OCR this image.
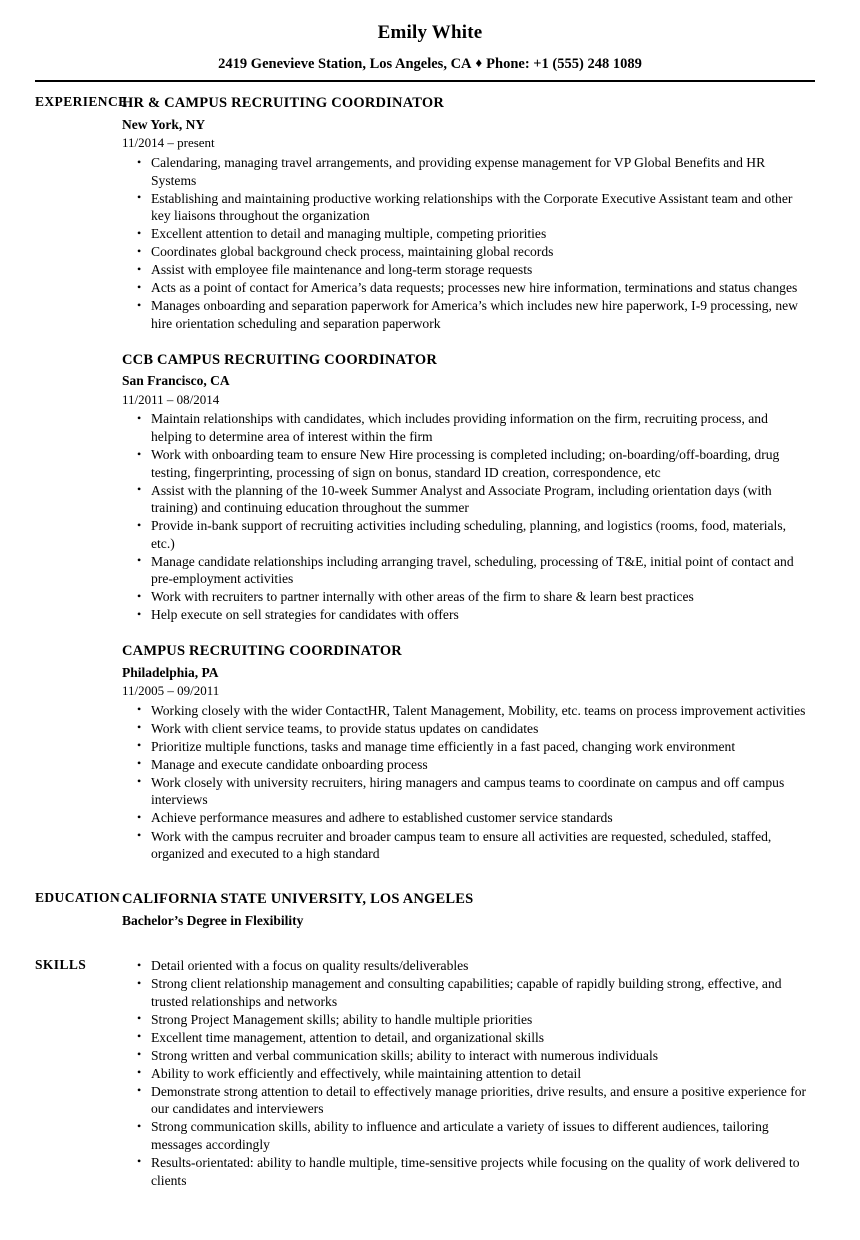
Emily White
2419 Genevieve Station, Los Angeles, CA ♦ Phone: +1 (555) 248 1089
EXPERIENCE
HR & CAMPUS RECRUITING COORDINATOR
New York, NY
11/2014 – present
• Calendaring, managing travel arrangements, and providing expense management for VP Global Benefits and HR Systems
• Establishing and maintaining productive working relationships with the Corporate Executive Assistant team and other key liaisons throughout the organization
• Excellent attention to detail and managing multiple, competing priorities
• Coordinates global background check process, maintaining global records
• Assist with employee file maintenance and long-term storage requests
• Acts as a point of contact for America’s data requests; processes new hire information, terminations and status changes
• Manages onboarding and separation paperwork for America’s which includes new hire paperwork, I-9 processing, new hire orientation scheduling and separation paperwork
CCB CAMPUS RECRUITING COORDINATOR
San Francisco, CA
11/2011 – 08/2014
• Maintain relationships with candidates, which includes providing information on the firm, recruiting process, and helping to determine area of interest within the firm
• Work with onboarding team to ensure New Hire processing is completed including; on-boarding/off-boarding, drug testing, fingerprinting, processing of sign on bonus, standard ID creation, correspondence, etc
• Assist with the planning of the 10-week Summer Analyst and Associate Program, including orientation days (with training) and continuing education throughout the summer
• Provide in-bank support of recruiting activities including scheduling, planning, and logistics (rooms, food, materials, etc.)
• Manage candidate relationships including arranging travel, scheduling, processing of T&E, initial point of contact and pre-employment activities
• Work with recruiters to partner internally with other areas of the firm to share & learn best practices
• Help execute on sell strategies for candidates with offers
CAMPUS RECRUITING COORDINATOR
Philadelphia, PA
11/2005 – 09/2011
• Working closely with the wider ContactHR, Talent Management, Mobility, etc. teams on process improvement activities
• Work with client service teams, to provide status updates on candidates
• Prioritize multiple functions, tasks and manage time efficiently in a fast paced, changing work environment
• Manage and execute candidate onboarding process
• Work closely with university recruiters, hiring managers and campus teams to coordinate on campus and off campus interviews
• Achieve performance measures and adhere to established customer service standards
• Work with the campus recruiter and broader campus team to ensure all activities are requested, scheduled, staffed, organized and executed to a high standard
EDUCATION CALIFORNIA STATE UNIVERSITY, LOS ANGELES
Bachelor’s Degree in Flexibility
SKILLS	• Detail oriented with a focus on quality results/deliverables
• Strong client relationship management and consulting capabilities; capable of rapidly building strong, effective, and trusted relationships and networks
• Strong Project Management skills; ability to handle multiple priorities
• Excellent time management, attention to detail, and organizational skills
• Strong written and verbal communication skills; ability to interact with numerous individuals
• Ability to work efficiently and effectively, while maintaining attention to detail
• Demonstrate strong attention to detail to effectively manage priorities, drive results, and ensure a positive experience for our candidates and interviewers
• Strong communication skills, ability to influence and articulate a variety of issues to different audiences, tailoring messages accordingly
• Results-orientated: ability to handle multiple, time-sensitive projects while focusing on the quality of work delivered to clients
